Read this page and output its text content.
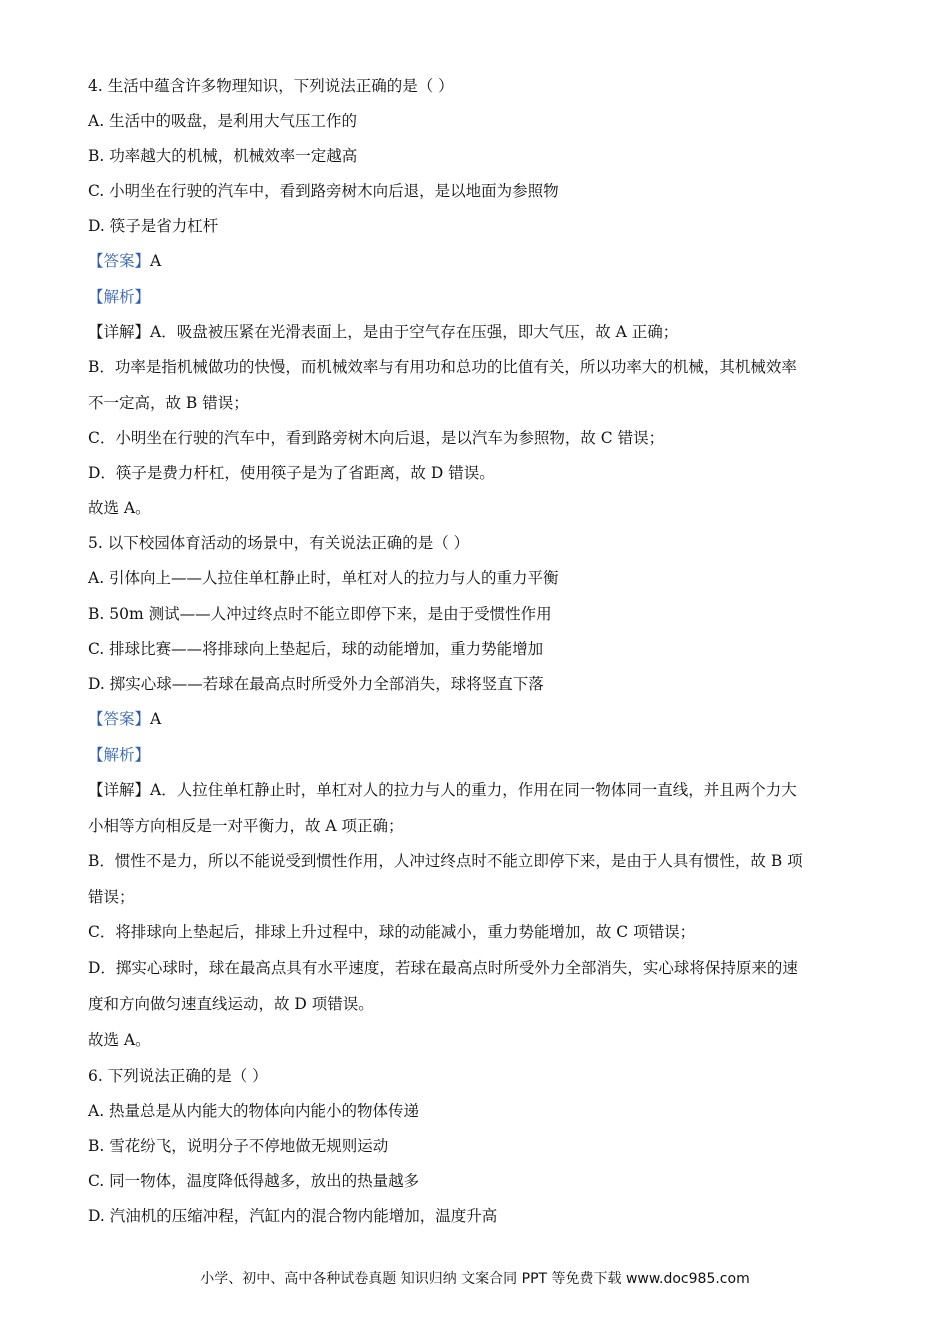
4. 生活中蕴含许多物理知识，下列说法正确的是（ ）
A. 生活中的吸盘，是利用大气压工作的
B. 功率越大的机械，机械效率一定越高
C. 小明坐在行驶的汽车中，看到路旁树木向后退，是以地面为参照物
D. 筷子是省力杠杆
【答案】A
【解析】
【详解】A．吸盘被压紧在光滑表面上，是由于空气存在压强，即大气压，故 A 正确；
B．功率是指机械做功的快慢，而机械效率与有用功和总功的比值有关，所以功率大的机械，其机械效率
不一定高，故 B 错误；
C．小明坐在行驶的汽车中，看到路旁树木向后退，是以汽车为参照物，故 C 错误；
D．筷子是费力杆杠，使用筷子是为了省距离，故 D 错误。
故选 A。
5. 以下校园体育活动的场景中，有关说法正确的是（ ）
A. 引体向上——人拉住单杠静止时，单杠对人的拉力与人的重力平衡
B. 50m 测试——人冲过终点时不能立即停下来，是由于受惯性作用
C. 排球比赛——将排球向上垫起后，球的动能增加，重力势能增加
D. 掷实心球——若球在最高点时所受外力全部消失，球将竖直下落
【答案】A
【解析】
【详解】A．人拉住单杠静止时，单杠对人的拉力与人的重力，作用在同一物体同一直线，并且两个力大
小相等方向相反是一对平衡力，故 A 项正确；
B．惯性不是力，所以不能说受到惯性作用，人冲过终点时不能立即停下来，是由于人具有惯性，故 B 项
错误；
C．将排球向上垫起后，排球上升过程中，球的动能减小，重力势能增加，故 C 项错误；
D．掷实心球时，球在最高点具有水平速度，若球在最高点时所受外力全部消失，实心球将保持原来的速
度和方向做匀速直线运动，故 D 项错误。
故选 A。
6. 下列说法正确的是（ ）
A. 热量总是从内能大的物体向内能小的物体传递
B. 雪花纷飞，说明分子不停地做无规则运动
C. 同一物体，温度降低得越多，放出的热量越多
D. 汽油机的压缩冲程，汽缸内的混合物内能增加，温度升高
小学、初中、高中各种试卷真题 知识归纳 文案合同 PPT 等免费下载 www.doc985.com
